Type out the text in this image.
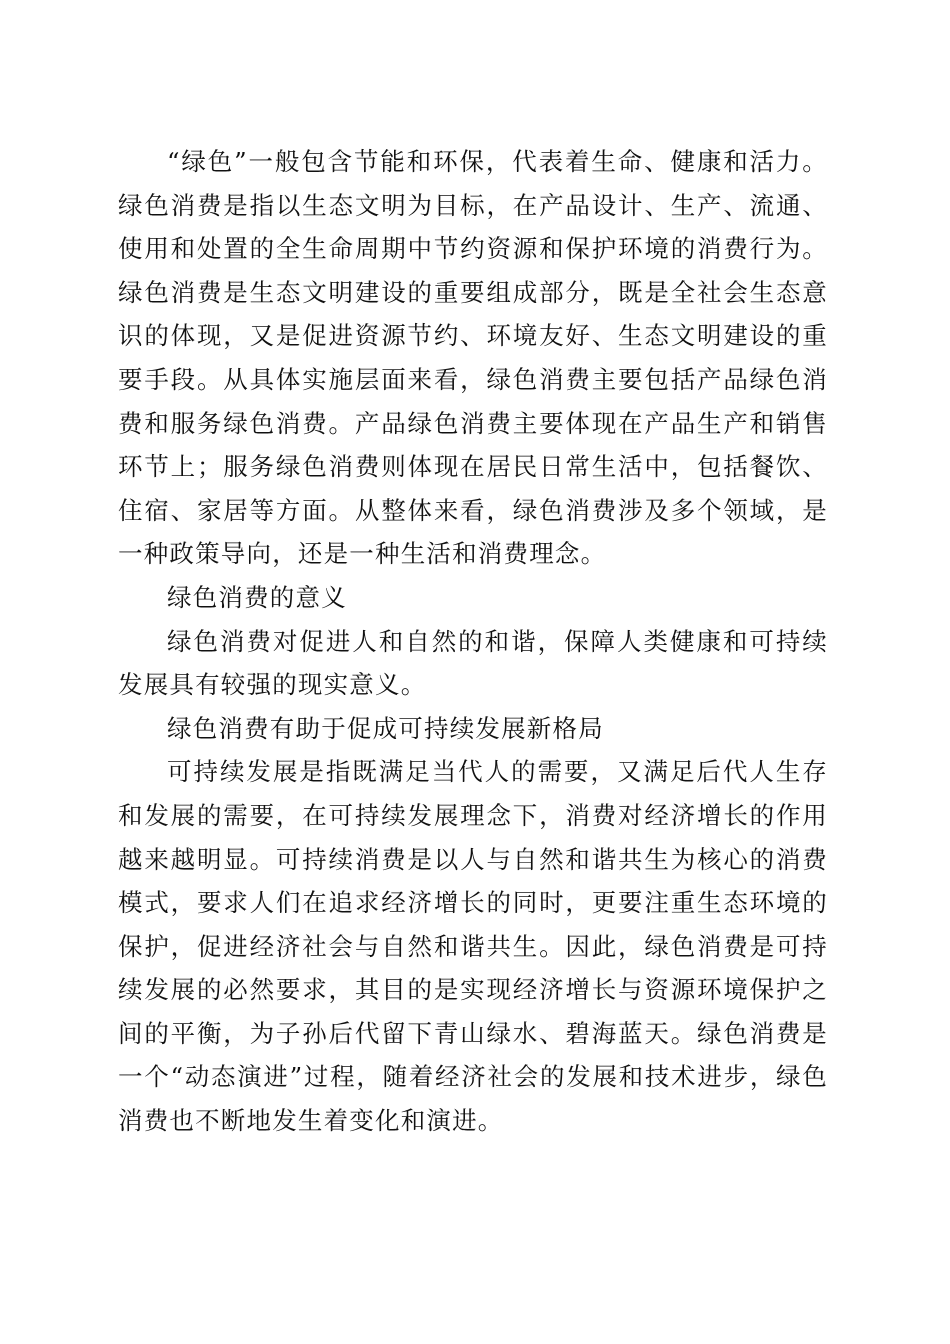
“绿色”一般包含节能和环保，代表着生命、健康和活力。绿色消费是指以生态文明为目标，在产品设计、生产、流通、使用和处置的全生命周期中节约资源和保护环境的消费行为。绿色消费是生态文明建设的重要组成部分，既是全社会生态意识的体现，又是促进资源节约、环境友好、生态文明建设的重要手段。从具体实施层面来看，绿色消费主要包括产品绿色消费和服务绿色消费。产品绿色消费主要体现在产品生产和销售环节上；服务绿色消费则体现在居民日常生活中，包括餐饮、住宿、家居等方面。从整体来看，绿色消费涉及多个领域，是一种政策导向，还是一种生活和消费理念。

绿色消费的意义

绿色消费对促进人和自然的和谐，保障人类健康和可持续发展具有较强的现实意义。

绿色消费有助于促成可持续发展新格局

可持续发展是指既满足当代人的需要，又满足后代人生存和发展的需要，在可持续发展理念下，消费对经济增长的作用越来越明显。可持续消费是以人与自然和谐共生为核心的消费模式，要求人们在追求经济增长的同时，更要注重生态环境的保护，促进经济社会与自然和谐共生。因此，绿色消费是可持续发展的必然要求，其目的是实现经济增长与资源环境保护之间的平衡，为子孙后代留下青山绿水、碧海蓝天。绿色消费是一个“动态演进”过程，随着经济社会的发展和技术进步，绿色消费也不断地发生着变化和演进。
